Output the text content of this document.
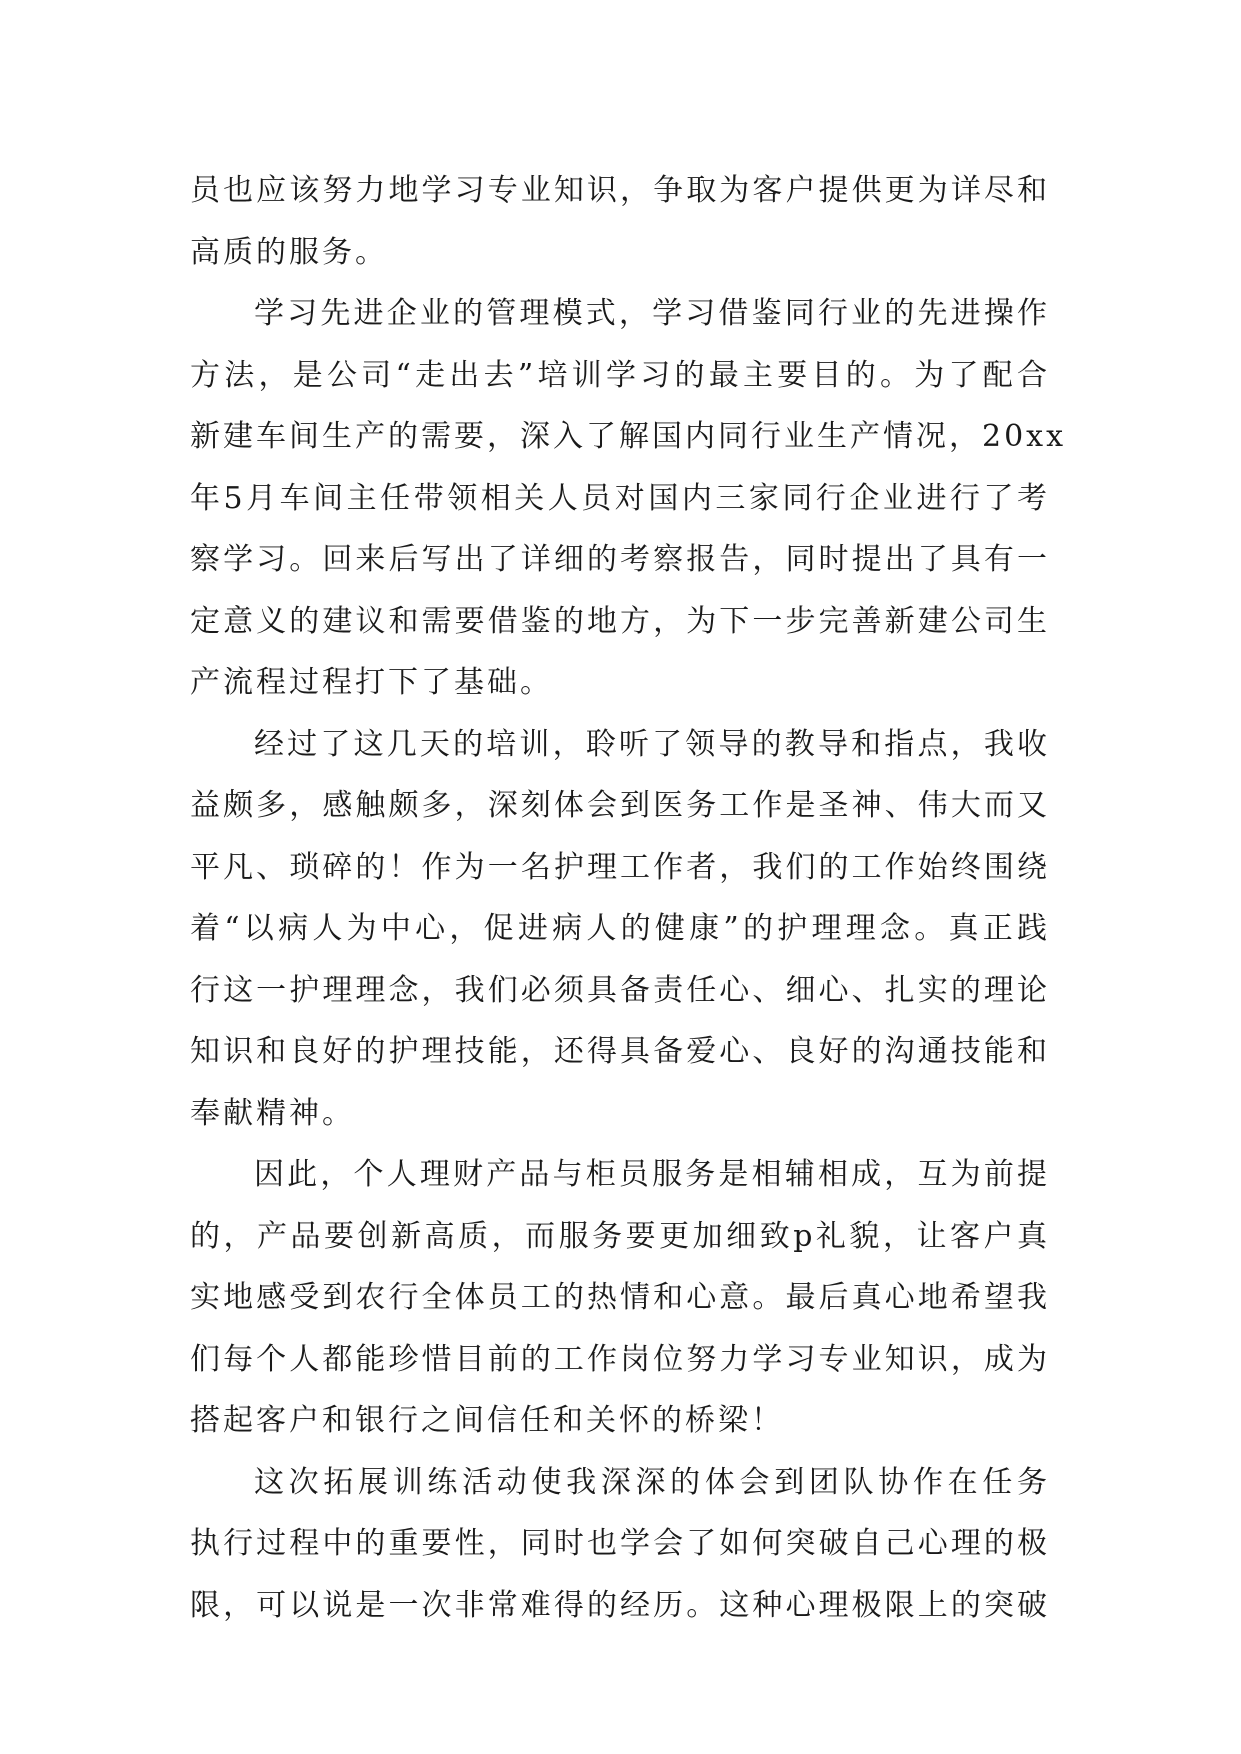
员也应该努力地学习专业知识，争取为客户提供更为详尽和
高质的服务。
学习先进企业的管理模式，学习借鉴同行业的先进操作
方法，是公司“走出去”培训学习的最主要目的。为了配合
新建车间生产的需要，深入了解国内同行业生产情况，20xx
年5月车间主任带领相关人员对国内三家同行企业进行了考
察学习。回来后写出了详细的考察报告，同时提出了具有一
定意义的建议和需要借鉴的地方，为下一步完善新建公司生
产流程过程打下了基础。
经过了这几天的培训，聆听了领导的教导和指点，我收
益颇多，感触颇多，深刻体会到医务工作是圣神、伟大而又
平凡、琐碎的！作为一名护理工作者，我们的工作始终围绕
着“以病人为中心，促进病人的健康”的护理理念。真正践
行这一护理理念，我们必须具备责任心、细心、扎实的理论
知识和良好的护理技能，还得具备爱心、良好的沟通技能和
奉献精神。
因此，个人理财产品与柜员服务是相辅相成，互为前提
的，产品要创新高质，而服务要更加细致p礼貌，让客户真
实地感受到农行全体员工的热情和心意。最后真心地希望我
们每个人都能珍惜目前的工作岗位努力学习专业知识，成为
搭起客户和银行之间信任和关怀的桥梁！
这次拓展训练活动使我深深的体会到团队协作在任务
执行过程中的重要性，同时也学会了如何突破自己心理的极
限，可以说是一次非常难得的经历。这种心理极限上的突破
